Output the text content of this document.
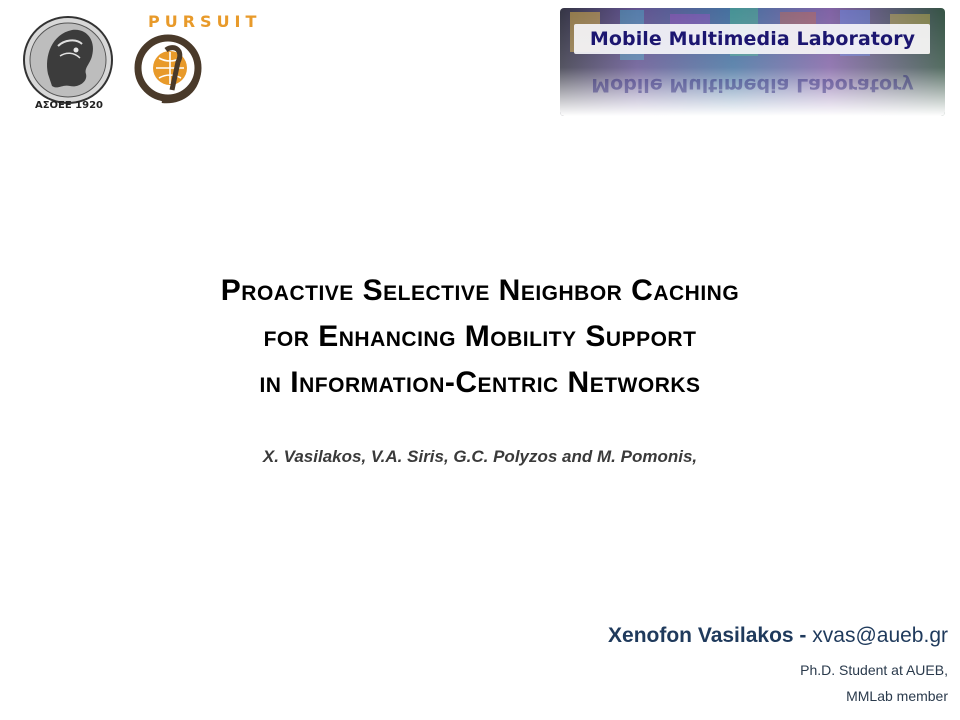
ΑΣΟΕΕ 1920
PURSUIT
Mobile Multimedia Laboratory
Mobile Multimedia Laboratory
Proactive Selective Neighbor Caching
for Enhancing Mobility Support
in Information-Centric Networks
X. Vasilakos, V.A. Siris, G.C. Polyzos and M. Pomonis,
Xenofon Vasilakos - xvas@aueb.gr
Ph.D. Student at AUEB,
MMLab member
